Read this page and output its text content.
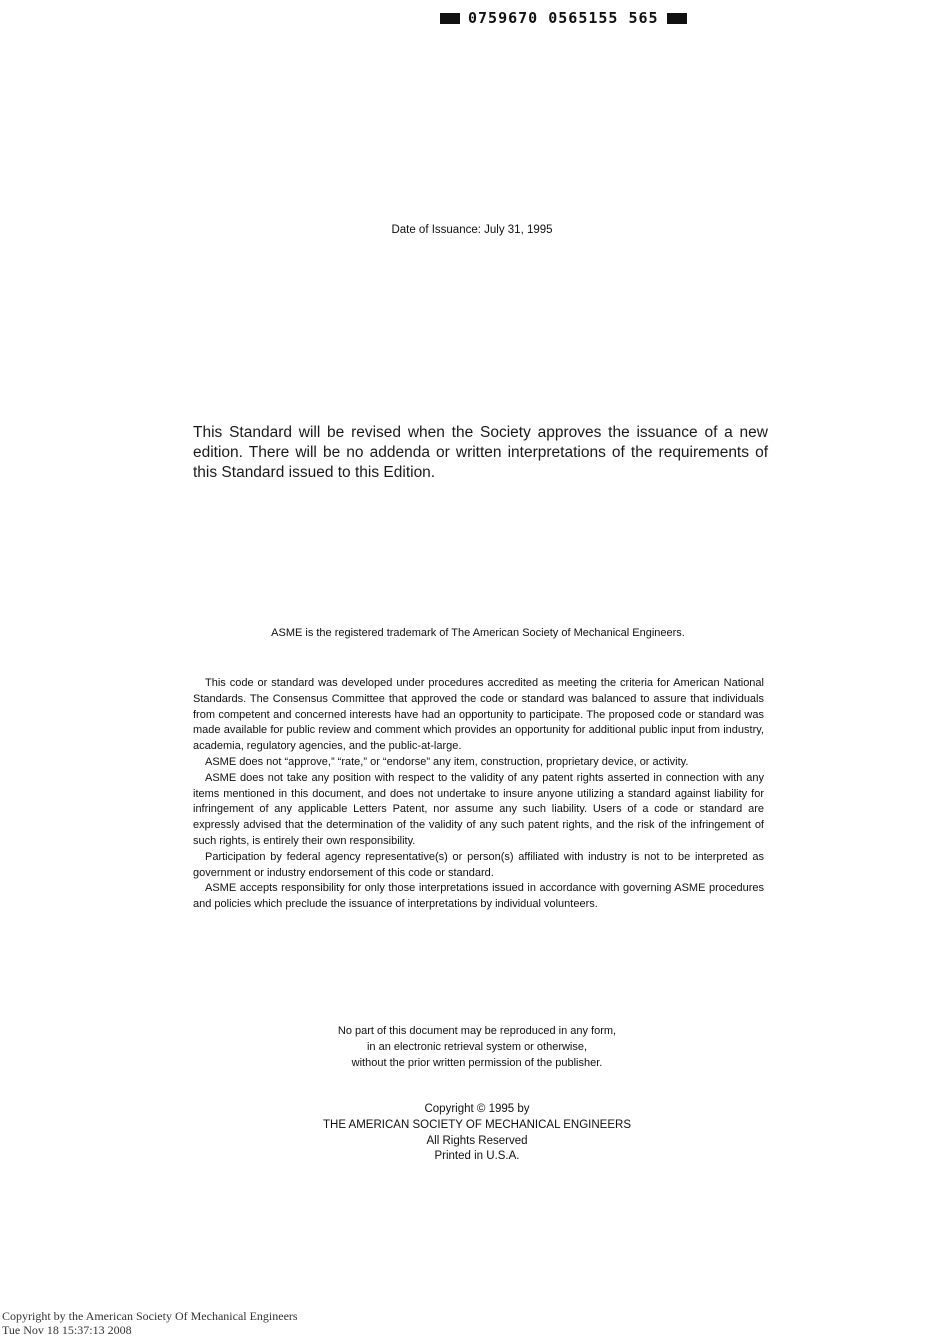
0759670 0565155 565
Date of Issuance: July 31, 1995
This Standard will be revised when the Society approves the issuance of a new edition. There will be no addenda or written interpretations of the requirements of this Standard issued to this Edition.
ASME is the registered trademark of The American Society of Mechanical Engineers.

This code or standard was developed under procedures accredited as meeting the criteria for American National Standards. The Consensus Committee that approved the code or standard was balanced to assure that individuals from competent and concerned interests have had an opportunity to participate. The proposed code or standard was made available for public review and comment which provides an opportunity for additional public input from industry, academia, regulatory agencies, and the public-at-large.

ASME does not “approve,” “rate,” or “endorse” any item, construction, proprietary device, or activity.

ASME does not take any position with respect to the validity of any patent rights asserted in connection with any items mentioned in this document, and does not undertake to insure anyone utilizing a standard against liability for infringement of any applicable Letters Patent, nor assume any such liability. Users of a code or standard are expressly advised that the determination of the validity of any such patent rights, and the risk of the infringement of such rights, is entirely their own responsibility.

Participation by federal agency representative(s) or person(s) affiliated with industry is not to be interpreted as government or industry endorsement of this code or standard.

ASME accepts responsibility for only those interpretations issued in accordance with governing ASME procedures and policies which preclude the issuance of interpretations by individual volunteers.

No part of this document may be reproduced in any form,
in an electronic retrieval system or otherwise,
without the prior written permission of the publisher.
Copyright © 1995 by
THE AMERICAN SOCIETY OF MECHANICAL ENGINEERS
All Rights Reserved
Printed in U.S.A.
Copyright by the American Society Of Mechanical Engineers
Tue Nov 18 15:37:13 2008
